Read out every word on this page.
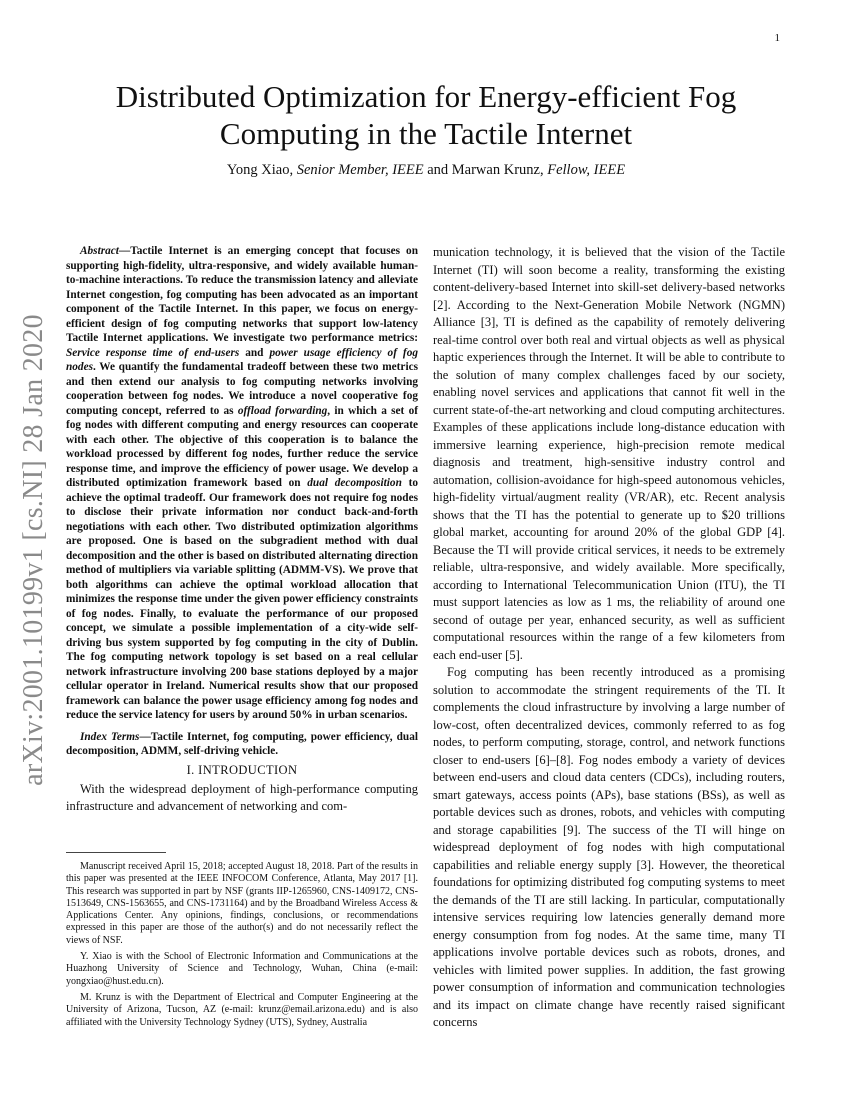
1
arXiv:2001.10199v1 [cs.NI] 28 Jan 2020
Distributed Optimization for Energy-efficient Fog Computing in the Tactile Internet
Yong Xiao, Senior Member, IEEE and Marwan Krunz, Fellow, IEEE

Abstract—Tactile Internet is an emerging concept that focuses on supporting high-fidelity, ultra-responsive, and widely available human-to-machine interactions. To reduce the transmission latency and alleviate Internet congestion, fog computing has been advocated as an important component of the Tactile Internet. In this paper, we focus on energy-efficient design of fog computing networks that support low-latency Tactile Internet applications. We investigate two performance metrics: Service response time of end-users and power usage efficiency of fog nodes. We quantify the fundamental tradeoff between these two metrics and then extend our analysis to fog computing networks involving cooperation between fog nodes. We introduce a novel cooperative fog computing concept, referred to as offload forwarding, in which a set of fog nodes with different computing and energy resources can cooperate with each other. The objective of this cooperation is to balance the workload processed by different fog nodes, further reduce the service response time, and improve the efficiency of power usage. We develop a distributed optimization framework based on dual decomposition to achieve the optimal tradeoff. Our framework does not require fog nodes to disclose their private information nor conduct back-and-forth negotiations with each other. Two distributed optimization algorithms are proposed. One is based on the subgradient method with dual decomposition and the other is based on distributed alternating direction method of multipliers via variable splitting (ADMM-VS). We prove that both algorithms can achieve the optimal workload allocation that minimizes the response time under the given power efficiency constraints of fog nodes. Finally, to evaluate the performance of our proposed concept, we simulate a possible implementation of a city-wide self-driving bus system supported by fog computing in the city of Dublin. The fog computing network topology is set based on a real cellular network infrastructure involving 200 base stations deployed by a major cellular operator in Ireland. Numerical results show that our proposed framework can balance the power usage efficiency among fog nodes and reduce the service latency for users by around 50% in urban scenarios.

Index Terms—Tactile Internet, fog computing, power efficiency, dual decomposition, ADMM, self-driving vehicle.

I. INTRODUCTION

With the widespread deployment of high-performance computing infrastructure and advancement of networking and com-

Manuscript received April 15, 2018; accepted August 18, 2018. Part of the results in this paper was presented at the IEEE INFOCOM Conference, Atlanta, May 2017 [1]. This research was supported in part by NSF (grants IIP-1265960, CNS-1409172, CNS-1513649, CNS-1563655, and CNS-1731164) and by the Broadband Wireless Access & Applications Center. Any opinions, findings, conclusions, or recommendations expressed in this paper are those of the author(s) and do not necessarily reflect the views of NSF.

Y. Xiao is with the School of Electronic Information and Communications at the Huazhong University of Science and Technology, Wuhan, China (e-mail: yongxiao@hust.edu.cn).

M. Krunz is with the Department of Electrical and Computer Engineering at the University of Arizona, Tucson, AZ (e-mail: krunz@email.arizona.edu) and is also affiliated with the University Technology Sydney (UTS), Sydney, Australia

munication technology, it is believed that the vision of the Tactile Internet (TI) will soon become a reality, transforming the existing content-delivery-based Internet into skill-set delivery-based networks [2]. According to the Next-Generation Mobile Network (NGMN) Alliance [3], TI is defined as the capability of remotely delivering real-time control over both real and virtual objects as well as physical haptic experiences through the Internet. It will be able to contribute to the solution of many complex challenges faced by our society, enabling novel services and applications that cannot fit well in the current state-of-the-art networking and cloud computing architectures. Examples of these applications include long-distance education with immersive learning experience, high-precision remote medical diagnosis and treatment, high-sensitive industry control and automation, collision-avoidance for high-speed autonomous vehicles, high-fidelity virtual/augment reality (VR/AR), etc. Recent analysis shows that the TI has the potential to generate up to $20 trillions global market, accounting for around 20% of the global GDP [4]. Because the TI will provide critical services, it needs to be extremely reliable, ultra-responsive, and widely available. More specifically, according to International Telecommunication Union (ITU), the TI must support latencies as low as 1 ms, the reliability of around one second of outage per year, enhanced security, as well as sufficient computational resources within the range of a few kilometers from each end-user [5].

Fog computing has been recently introduced as a promising solution to accommodate the stringent requirements of the TI. It complements the cloud infrastructure by involving a large number of low-cost, often decentralized devices, commonly referred to as fog nodes, to perform computing, storage, control, and network functions closer to end-users [6]–[8]. Fog nodes embody a variety of devices between end-users and cloud data centers (CDCs), including routers, smart gateways, access points (APs), base stations (BSs), as well as portable devices such as drones, robots, and vehicles with computing and storage capabilities [9]. The success of the TI will hinge on widespread deployment of fog nodes with high computational capabilities and reliable energy supply [3]. However, the theoretical foundations for optimizing distributed fog computing systems to meet the demands of the TI are still lacking. In particular, computationally intensive services requiring low latencies generally demand more energy consumption from fog nodes. At the same time, many TI applications involve portable devices such as robots, drones, and vehicles with limited power supplies. In addition, the fast growing power consumption of information and communication technologies and its impact on climate change have recently raised significant concerns
